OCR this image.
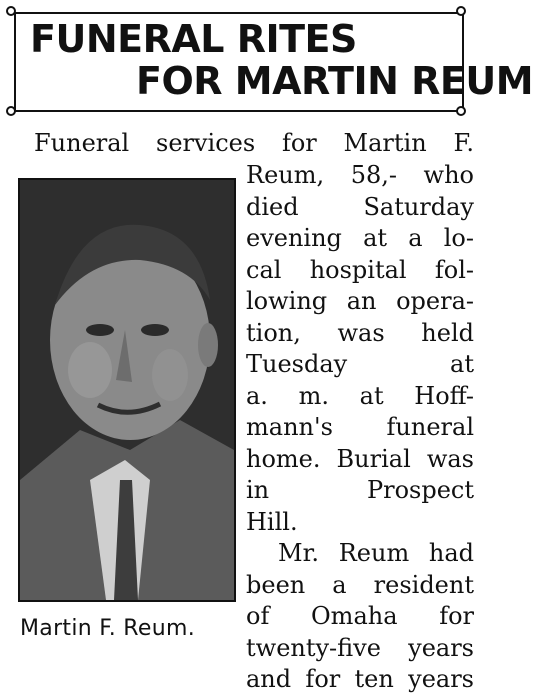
FUNERAL RITES
FOR MARTIN REUM
Funeral services for Martin F.
Reum, 58,- who
died Saturday
evening at a lo-
cal hospital fol-
lowing an opera-
tion, was held
Tuesday at
a. m. at Hoff-
mann's funeral
home. Burial was
in Prospect
Hill.
Mr. Reum had
been a resident
of Omaha for
twenty-five years
and for ten years
Martin F. Reum.
